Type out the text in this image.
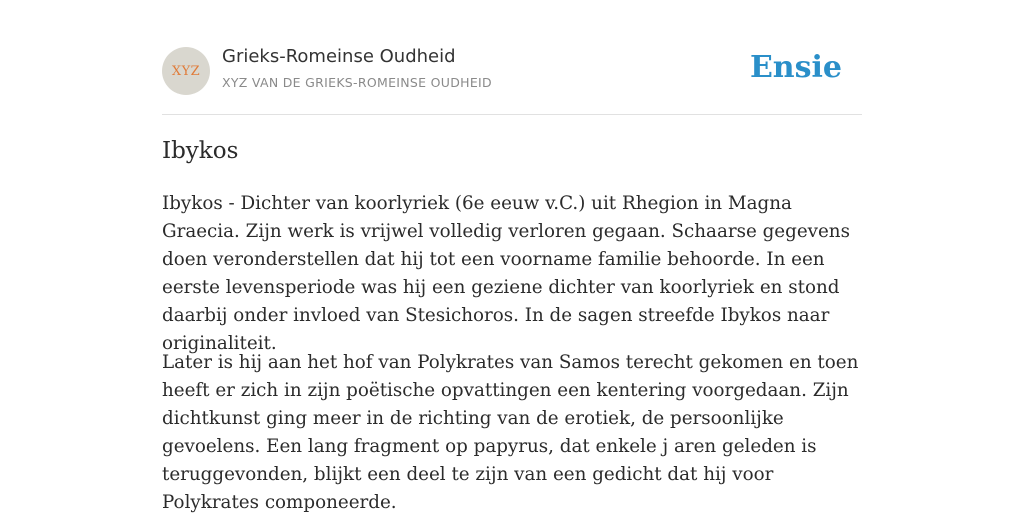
XYZ
Grieks-Romeinse Oudheid
XYZ VAN DE GRIEKS-ROMEINSE OUDHEID	Ensie
Ibykos

Ibykos - Dichter van koorlyriek (6e eeuw v.C.) uit Rhegion in Magna Graecia. Zijn werk is vrijwel volledig verloren gegaan. Schaarse gegevens doen veronderstellen dat hij tot een voorname familie behoorde. In een eerste levensperiode was hij een geziene dichter van koorlyriek en stond daarbij onder invloed van Stesichoros. In de sagen streefde Ibykos naar originaliteit.

Later is hij aan het hof van Polykrates van Samos terecht gekomen en toen heeft er zich in zijn poëtische opvattingen een kentering voorgedaan. Zijn dichtkunst ging meer in de richting van de erotiek, de persoonlijke gevoelens. Een lang fragment op papyrus, dat enkele j aren geleden is teruggevonden, blijkt een deel te zijn van een gedicht dat hij voor Polykrates componeerde.
